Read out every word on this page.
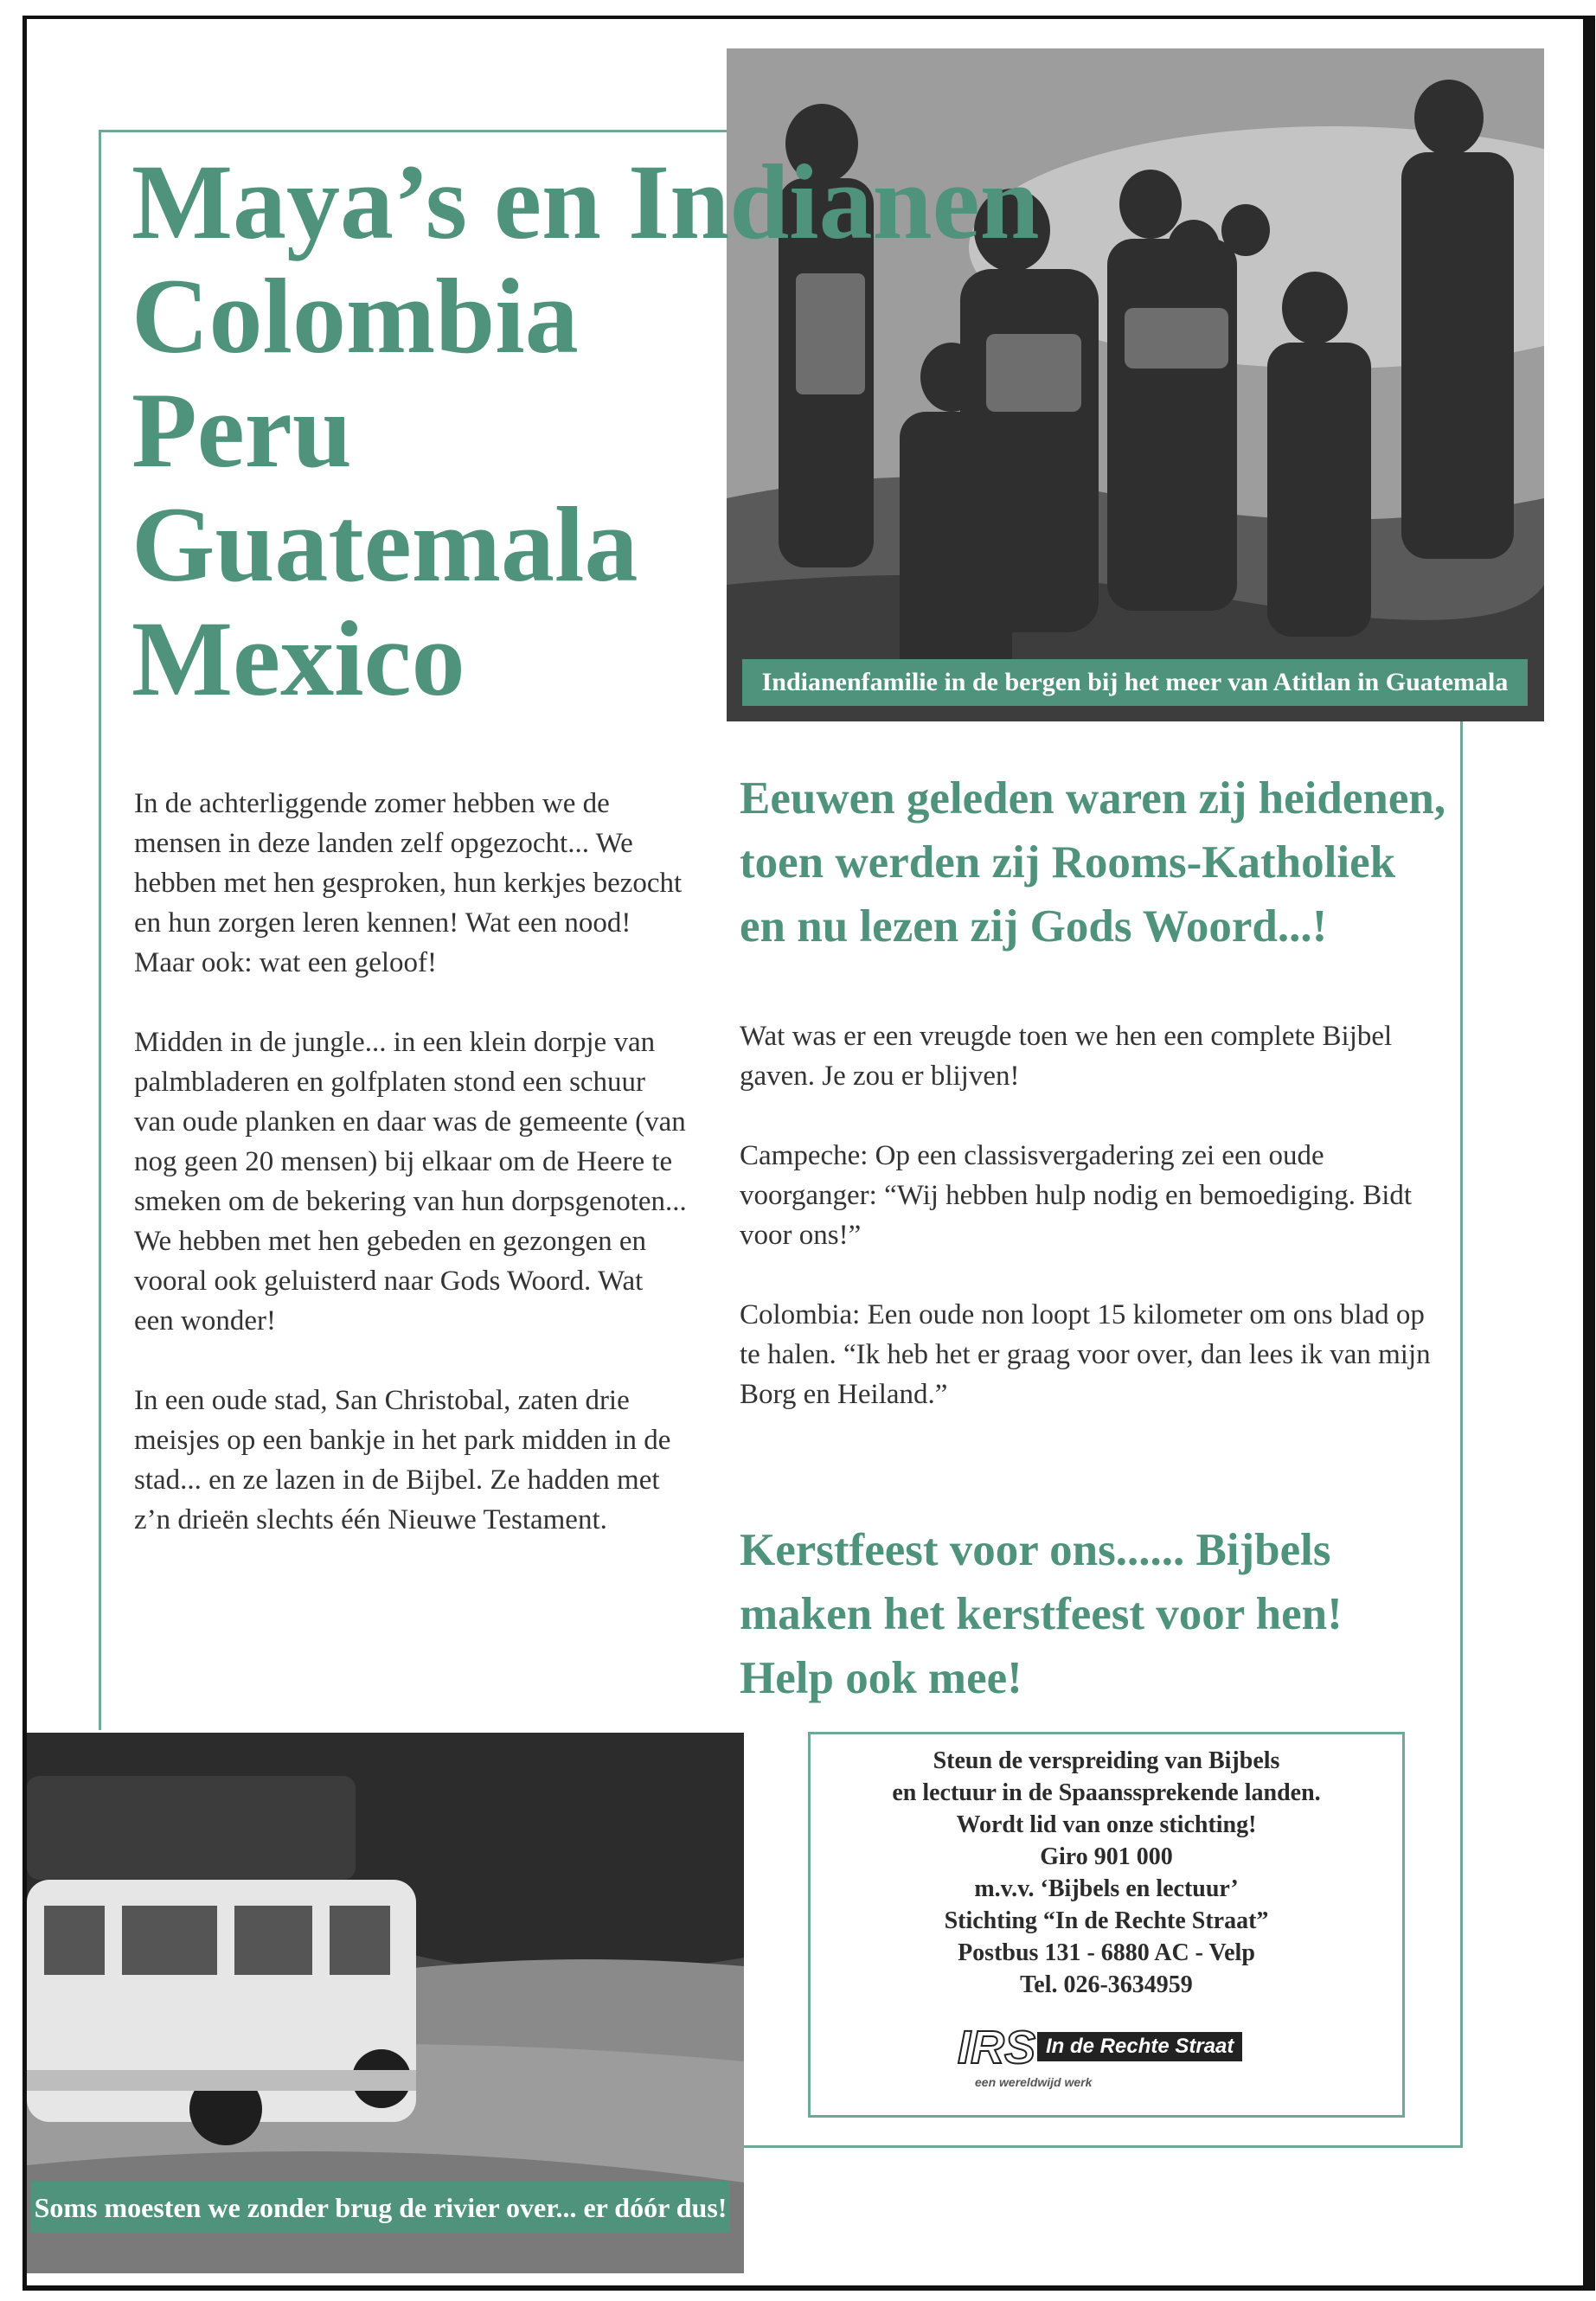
Indianenfamilie in de bergen bij het meer van Atitlan in Guatemala
Maya’s en Indianen
Colombia
Peru
Guatemala
Mexico

In de achterliggende zomer hebben we de mensen in deze landen zelf opgezocht... We hebben met hen gesproken, hun kerkjes bezocht en hun zorgen leren kennen! Wat een nood! Maar ook: wat een geloof!

Midden in de jungle... in een klein dorpje van palmbladeren en golfplaten stond een schuur van oude planken en daar was de gemeente (van nog geen 20 mensen) bij elkaar om de Heere te smeken om de bekering van hun dorpsgenoten... We hebben met hen gebeden en gezongen en vooral ook geluisterd naar Gods Woord. Wat een wonder!

In een oude stad, San Christobal, zaten drie meisjes op een bankje in het park midden in de stad... en ze lazen in de Bijbel. Ze hadden met z’n drieën slechts één Nieuwe Testament.

Eeuwen geleden waren zij heidenen, toen werden zij Rooms-Katholiek en nu lezen zij Gods Woord...!

Wat was er een vreugde toen we hen een complete Bijbel gaven. Je zou er blijven!

Campeche: Op een classisvergadering zei een oude voorganger: “Wij hebben hulp nodig en bemoediging. Bidt voor ons!”

Colombia: Een oude non loopt 15 kilometer om ons blad op te halen. “Ik heb het er graag voor over, dan lees ik van mijn Borg en Heiland.”

Kerstfeest voor ons...... Bijbels maken het kerstfeest voor hen! Help ook mee!
Steun de verspreiding van Bijbels
en lectuur in de Spaanssprekende landen.
Wordt lid van onze stichting!
Giro 901 000
m.v.v. ‘Bijbels en lectuur’
Stichting “In de Rechte Straat”
Postbus 131 - 6880 AC - Velp
Tel. 026-3634959
IRS In de Rechte Straat
een wereldwijd werk
Soms moesten we zonder brug de rivier over... er dóór dus!
